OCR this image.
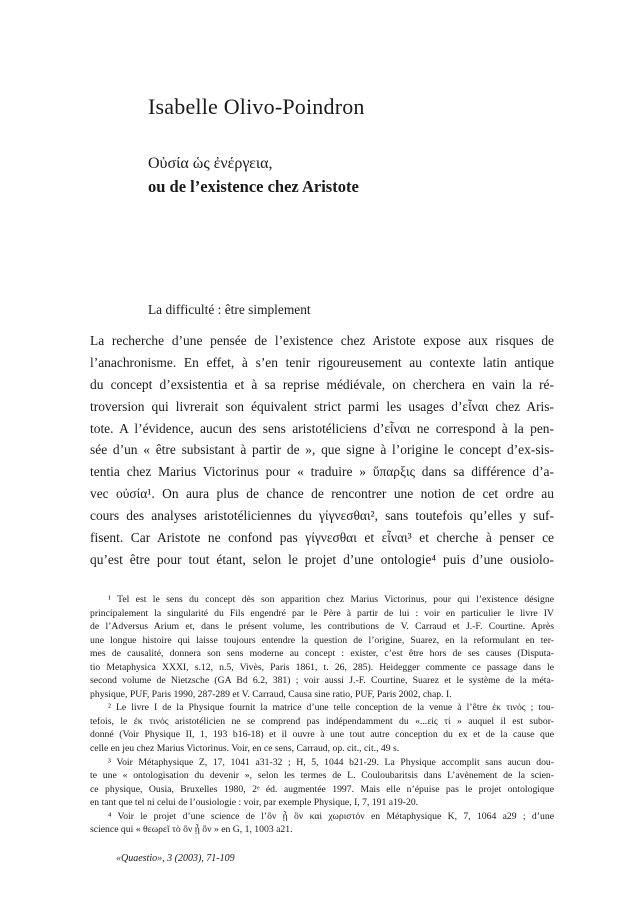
Isabelle Olivo-Poindron
Οὐσία ὡς ἐνέργεια,
ou de l’existence chez Aristote
La difficulté : être simplement
La recherche d’une pensée de l’existence chez Aristote expose aux risques de
l’anachronisme. En effet, à s’en tenir rigoureusement au contexte latin antique
du concept d’exsistentia et à sa reprise médiévale, on cherchera en vain la ré-
troversion qui livrerait son équivalent strict parmi les usages d’εἶναι chez Aris-
tote. A l’évidence, aucun des sens aristotéliciens d’εἶναι ne correspond à la pen-
sée d’un « être subsistant à partir de », que signe à l’origine le concept d’ex-sis-
tentia chez Marius Victorinus pour « traduire » ὕπαρξις dans sa différence d’a-
vec οὐσία¹. On aura plus de chance de rencontrer une notion de cet ordre au
cours des analyses aristotéliciennes du γίγνεσθαι², sans toutefois qu’elles y suf-
fisent. Car Aristote ne confond pas γίγνεσθαι et εἶναι³ et cherche à penser ce
qu’est être pour tout étant, selon le projet d’une ontologie⁴ puis d’une ousiolo-
¹ Tel est le sens du concept dès son apparition chez Marius Victorinus, pour qui l’existence désigne
principalement la singularité du Fils engendré par le Père à partir de lui : voir en particulier le livre IV
de l’Adversus Arium et, dans le présent volume, les contributions de V. Carraud et J.-F. Courtine. Après
une longue histoire qui laisse toujours entendre la question de l’origine, Suarez, en la reformulant en ter-
mes de causalité, donnera son sens moderne au concept : exister, c’est être hors de ses causes (Disputa-
tio Metaphysica XXXI, s.12, n.5, Vivès, Paris 1861, t. 26, 285). Heidegger commente ce passage dans le
second volume de Nietzsche (GA Bd 6.2, 381) ; voir aussi J.-F. Courtine, Suarez et le système de la méta-
physique, PUF, Paris 1990, 287-289 et V. Carraud, Causa sine ratio, PUF, Paris 2002, chap. I.
² Le livre I de la Physique fournit la matrice d’une telle conception de la venue à l’être ἐκ τινός ; tou-
tefois, le ἐκ τινός aristotélicien ne se comprend pas indépendamment du «...εἰς τί » auquel il est subor-
donné (Voir Physique II, 1, 193 b16-18) et il ouvre à une tout autre conception du ex et de la cause que
celle en jeu chez Marius Victorinus. Voir, en ce sens, Carraud, op. cit., cit., 49 s.
³ Voir Métaphysique Z, 17, 1041 a31-32 ; H, 5, 1044 b21-29. La Physique accomplit sans aucun dou-
te une « ontologisation du devenir », selon les termes de L. Couloubaritsis dans L’avènement de la scien-
ce physique, Ousia, Bruxelles 1980, 2ᵉ éd. augmentée 1997. Mais elle n’épuise pas le projet ontologique
en tant que tel ni celui de l’ousiologie : voir, par exemple Physique, I, 7, 191 a19-20.
⁴ Voir le projet d’une science de l’ὂν ᾗ ὂν καὶ χωριστόν en Métaphysique K, 7, 1064 a29 ; d’une
science qui « θεωρεῖ τὸ ὂν ᾗ ὂν » en G, 1, 1003 a21.
«Quaestio», 3 (2003), 71-109
